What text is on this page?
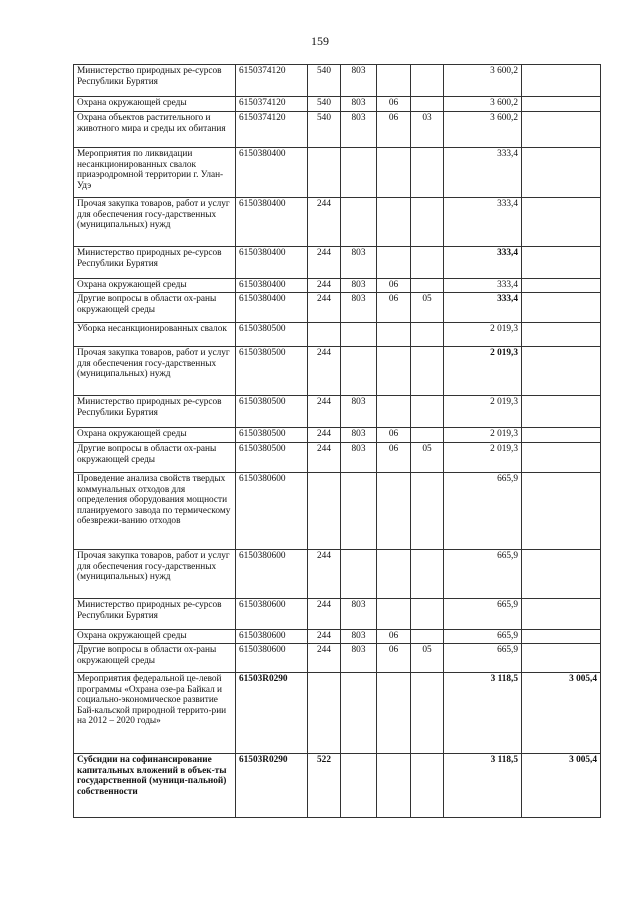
159
Министерство природных ре-сурсов Республики Бурятия	6150374120	540	803			3 600,2	
Охрана окружающей среды	6150374120	540	803	06		3 600,2	
Охрана объектов растительного и животного мира и среды их обитания	6150374120	540	803	06	03	3 600,2	
Мероприятия по ликвидации несанкционированных свалок приаэродромной территории г. Улан-Удэ	6150380400					333,4	
Прочая закупка товаров, работ и услуг для обеспечения госу-дарственных (муниципальных) нужд	6150380400	244				333,4	
Министерство природных ре-сурсов Республики Бурятия	6150380400	244	803			333,4	
Охрана окружающей среды	6150380400	244	803	06		333,4	
Другие вопросы в области ох-раны окружающей среды	6150380400	244	803	06	05	333,4	
Уборка несанкционированных свалок	6150380500					2 019,3	
Прочая закупка товаров, работ и услуг для обеспечения госу-дарственных (муниципальных) нужд	6150380500	244				2 019,3	
Министерство природных ре-сурсов Республики Бурятия	6150380500	244	803			2 019,3	
Охрана окружающей среды	6150380500	244	803	06		2 019,3	
Другие вопросы в области ох-раны окружающей среды	6150380500	244	803	06	05	2 019,3	
Проведение анализа свойств твердых коммунальных отходов для определения оборудования мощности планируемого завода по термическому обезврежи-ванию отходов	6150380600					665,9	
Прочая закупка товаров, работ и услуг для обеспечения госу-дарственных (муниципальных) нужд	6150380600	244				665,9	
Министерство природных ре-сурсов Республики Бурятия	6150380600	244	803			665,9	
Охрана окружающей среды	6150380600	244	803	06		665,9	
Другие вопросы в области ох-раны окружающей среды	6150380600	244	803	06	05	665,9	
Мероприятия федеральной це-левой программы «Охрана озе-ра Байкал и социально-экономическое развитие Бай-кальской природной террито-рии на 2012 – 2020 годы»	61503R0290					3 118,5	3 005,4
Субсидии на софинансирование капитальных вложений в объек-ты государственной (муници-пальной) собственности	61503R0290	522				3 118,5	3 005,4
